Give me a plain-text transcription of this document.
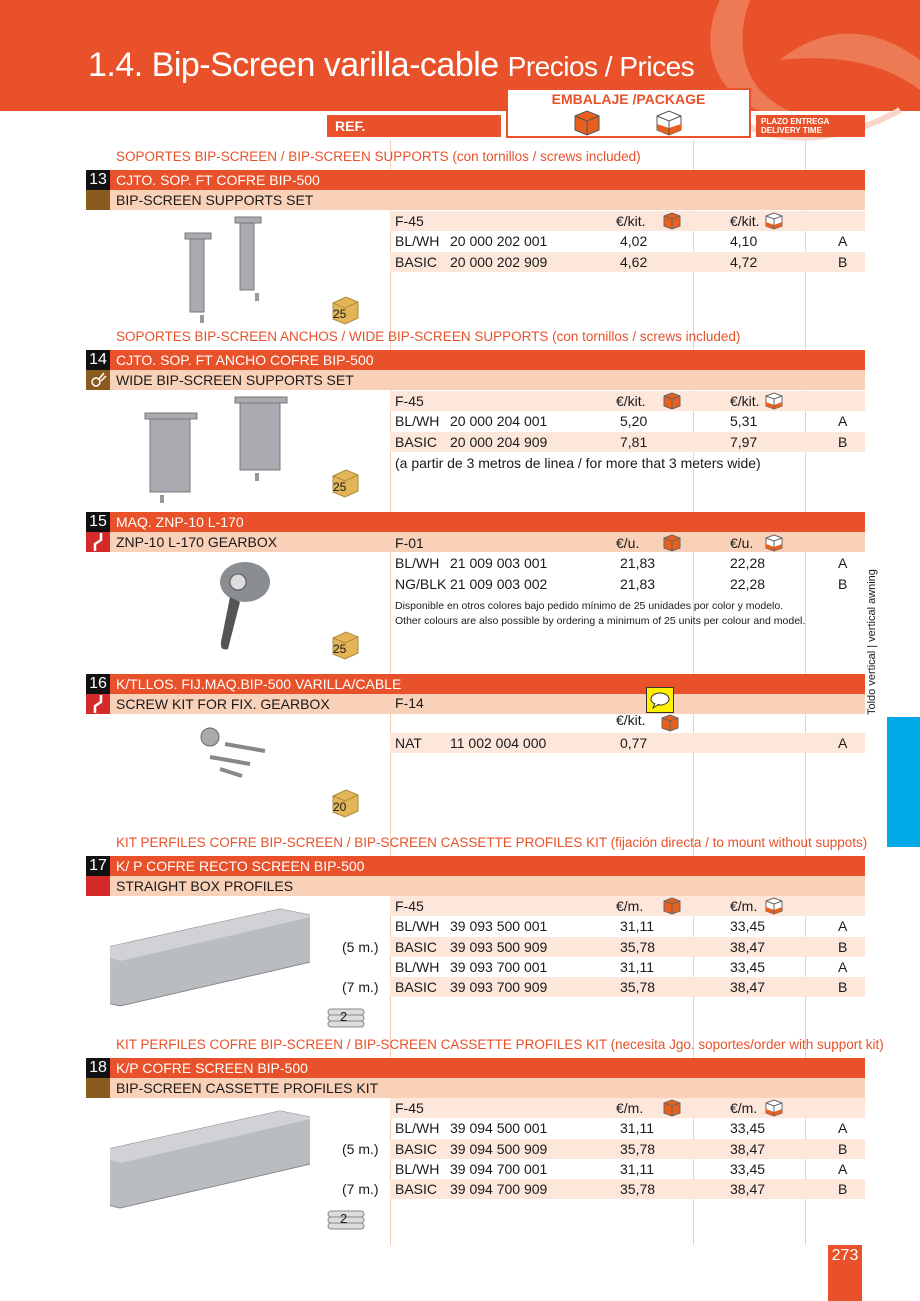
1.4. Bip-Screen varilla-cable Precios / Prices
REF.
EMBALAJE /PACKAGE
PLAZO ENTREGA
DELIVERY TIME
SOPORTES BIP-SCREEN / BIP-SCREEN SUPPORTS (con tornillos / screws included)
13 CJTO. SOP. FT COFRE BIP-500
BIP-SCREEN SUPPORTS SET
F-45	€/kit.	€/kit.
BL/WH 20 000 202 001	4,02	4,10	A
BASIC 20 000 202 909	4,62	4,72	B
25
SOPORTES BIP-SCREEN ANCHOS / WIDE BIP-SCREEN SUPPORTS (con tornillos / screws included)
14 CJTO. SOP. FT ANCHO COFRE BIP-500
WIDE BIP-SCREEN SUPPORTS SET
F-45	€/kit.	€/kit.
BL/WH 20 000 204 001	5,20	5,31	A
BASIC 20 000 204 909	7,81	7,97	B
(a partir de 3 metros de linea / for more that 3 meters wide)
25
15 MAQ. ZNP-10 L-170
ZNP-10 L-170 GEARBOX	F-01	€/u.	€/u.
BL/WH 21 009 003 001	21,83	22,28	A
NG/BLK 21 009 003 002	21,83	22,28	B
Disponible en otros colores bajo pedido mínimo de 25 unidades por color y modelo.
Other colours are also possible by ordering a minimum of 25 units per colour and model.
25
16 K/TLLOS. FIJ.MAQ.BIP-500 VARILLA/CABLE
SCREW KIT FOR FIX. GEARBOX	F-14
€/kit.
NAT 11 002 004 000	0,77	A
20
KIT PERFILES COFRE BIP-SCREEN / BIP-SCREEN CASSETTE PROFILES KIT (fijación directa / to mount without suppots)
17 K/ P COFRE RECTO SCREEN BIP-500
STRAIGHT BOX PROFILES
F-45	€/m.	€/m.
BL/WH 39 093 500 001	31,11	33,45	A
BASIC 39 093 500 909	35,78	38,47	B
(5 m.)
BL/WH 39 093 700 001	31,11	33,45	A
BASIC 39 093 700 909	35,78	38,47	B
(7 m.)
2
KIT PERFILES COFRE BIP-SCREEN / BIP-SCREEN CASSETTE PROFILES KIT (necesita Jgo. soportes/order with support kit)
18 K/P COFRE SCREEN BIP-500
BIP-SCREEN CASSETTE PROFILES KIT
F-45	€/m.	€/m.
BL/WH 39 094 500 001	31,11	33,45	A
BASIC 39 094 500 909	35,78	38,47	B
(5 m.)
BL/WH 39 094 700 001	31,11	33,45	A
BASIC 39 094 700 909	35,78	38,47	B
(7 m.)
2
Toldo vertical | vertical awning
273
